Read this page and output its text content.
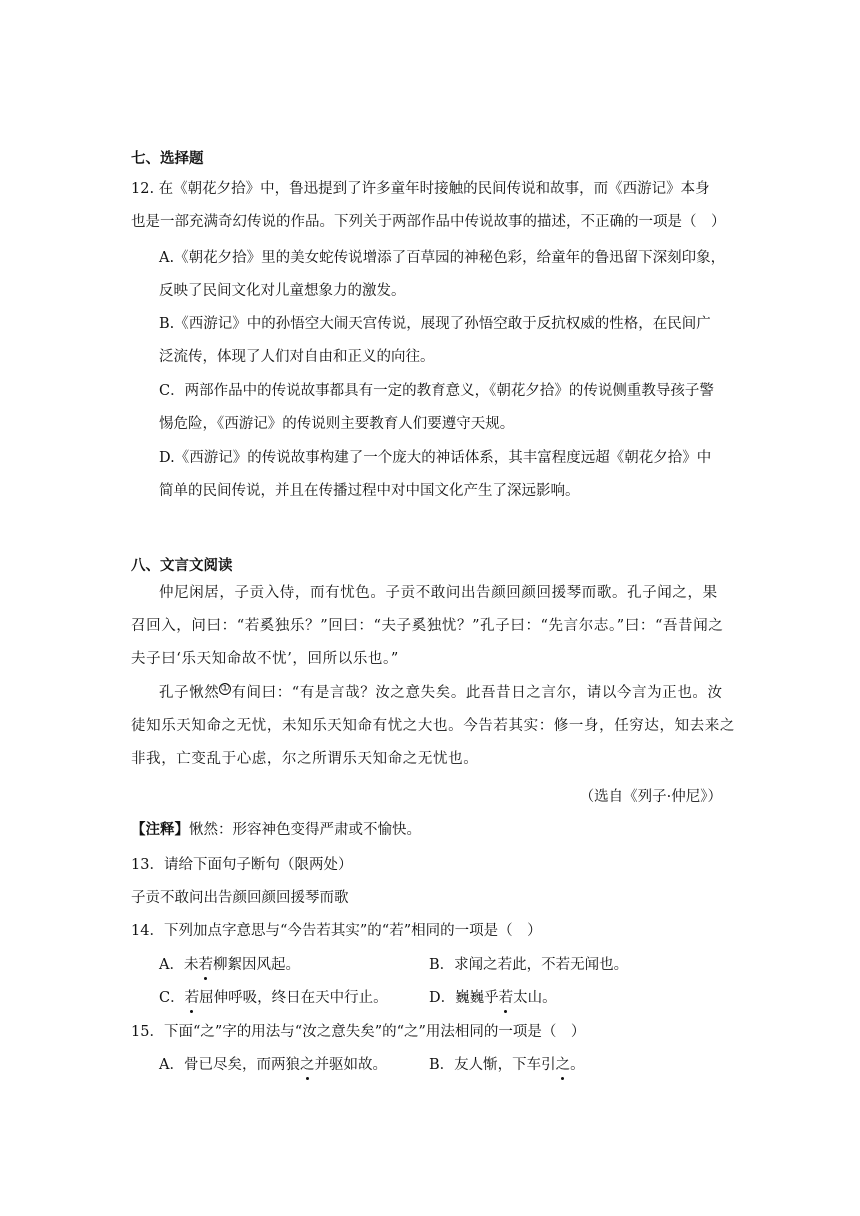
七、选择题
12. 在《朝花夕拾》中，鲁迅提到了许多童年时接触的民间传说和故事，而《西游记》本身
也是一部充满奇幻传说的作品。下列关于两部作品中传说故事的描述，不正确的一项是（　）
A.《朝花夕拾》里的美女蛇传说增添了百草园的神秘色彩，给童年的鲁迅留下深刻印象，
反映了民间文化对儿童想象力的激发。
B.《西游记》中的孙悟空大闹天宫传说，展现了孙悟空敢于反抗权威的性格，在民间广
泛流传，体现了人们对自由和正义的向往。
C．两部作品中的传说故事都具有一定的教育意义，《朝花夕拾》的传说侧重教导孩子警
惕危险，《西游记》的传说则主要教育人们要遵守天规。
D.《西游记》的传说故事构建了一个庞大的神话体系，其丰富程度远超《朝花夕拾》中
简单的民间传说，并且在传播过程中对中国文化产生了深远影响。
八、文言文阅读
仲尼闲居，子贡入侍，而有忧色。子贡不敢问出告颜回颜回援琴而歌。孔子闻之，果
召回入，问曰：“若奚独乐？”回曰：“夫子奚独忧？”孔子曰：“先言尔志。”曰：“吾昔闻之
夫子曰‘乐天知命故不忧’，回所以乐也。”
孔子愀然①有间曰：“有是言哉？汝之意失矣。此吾昔日之言尔，请以今言为正也。汝
徒知乐天知命之无忧，未知乐天知命有忧之大也。今告若其实：修一身，任穷达，知去来之
非我，亡变乱于心虑，尔之所谓乐天知命之无忧也。
（选自《列子·仲尼》）
【注释】愀然：形容神色变得严肃或不愉快。
13．请给下面句子断句（限两处）
子贡不敢问出告颜回颜回援琴而歌
14．下列加点字意思与“今告若其实”的“若”相同的一项是（　）
A．未若柳絮因风起。	B．求闻之若此，不若无闻也。
C．若屈伸呼吸，终日在天中行止。	D．巍巍乎若太山。
15．下面“之”字的用法与“汝之意失矣”的“之”用法相同的一项是（　）
A．骨已尽矣，而两狼之并驱如故。	B．友人惭，下车引之。
